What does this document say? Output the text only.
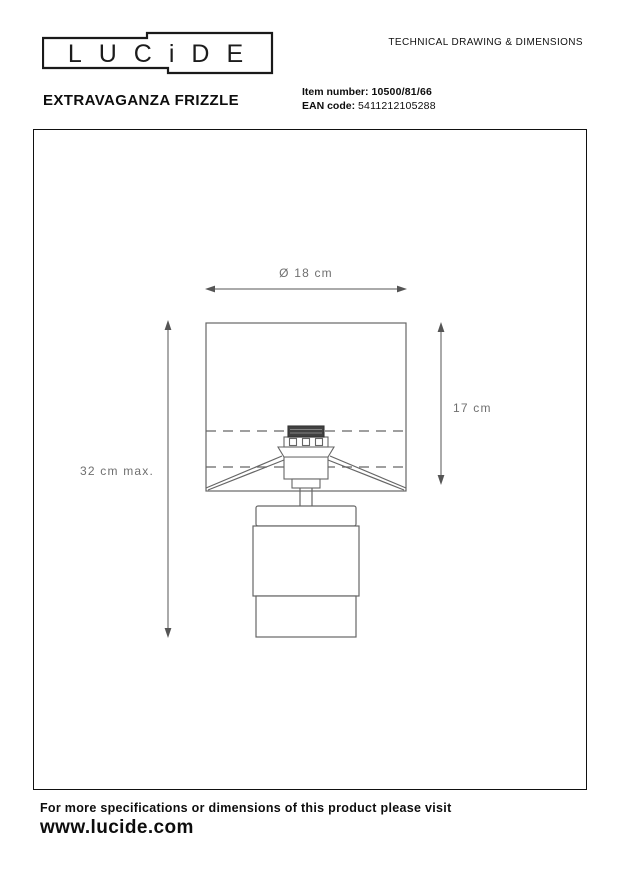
LUCiDE	TECHNICAL DRAWING & DIMENSIONS
EXTRAVAGANZA FRIZZLE	Item number: 10500/81/66
EAN code: 5411212105288
Ø 18 cm
32 cm max.
17 cm
For more specifications or dimensions of this product please visit
www.lucide.com
